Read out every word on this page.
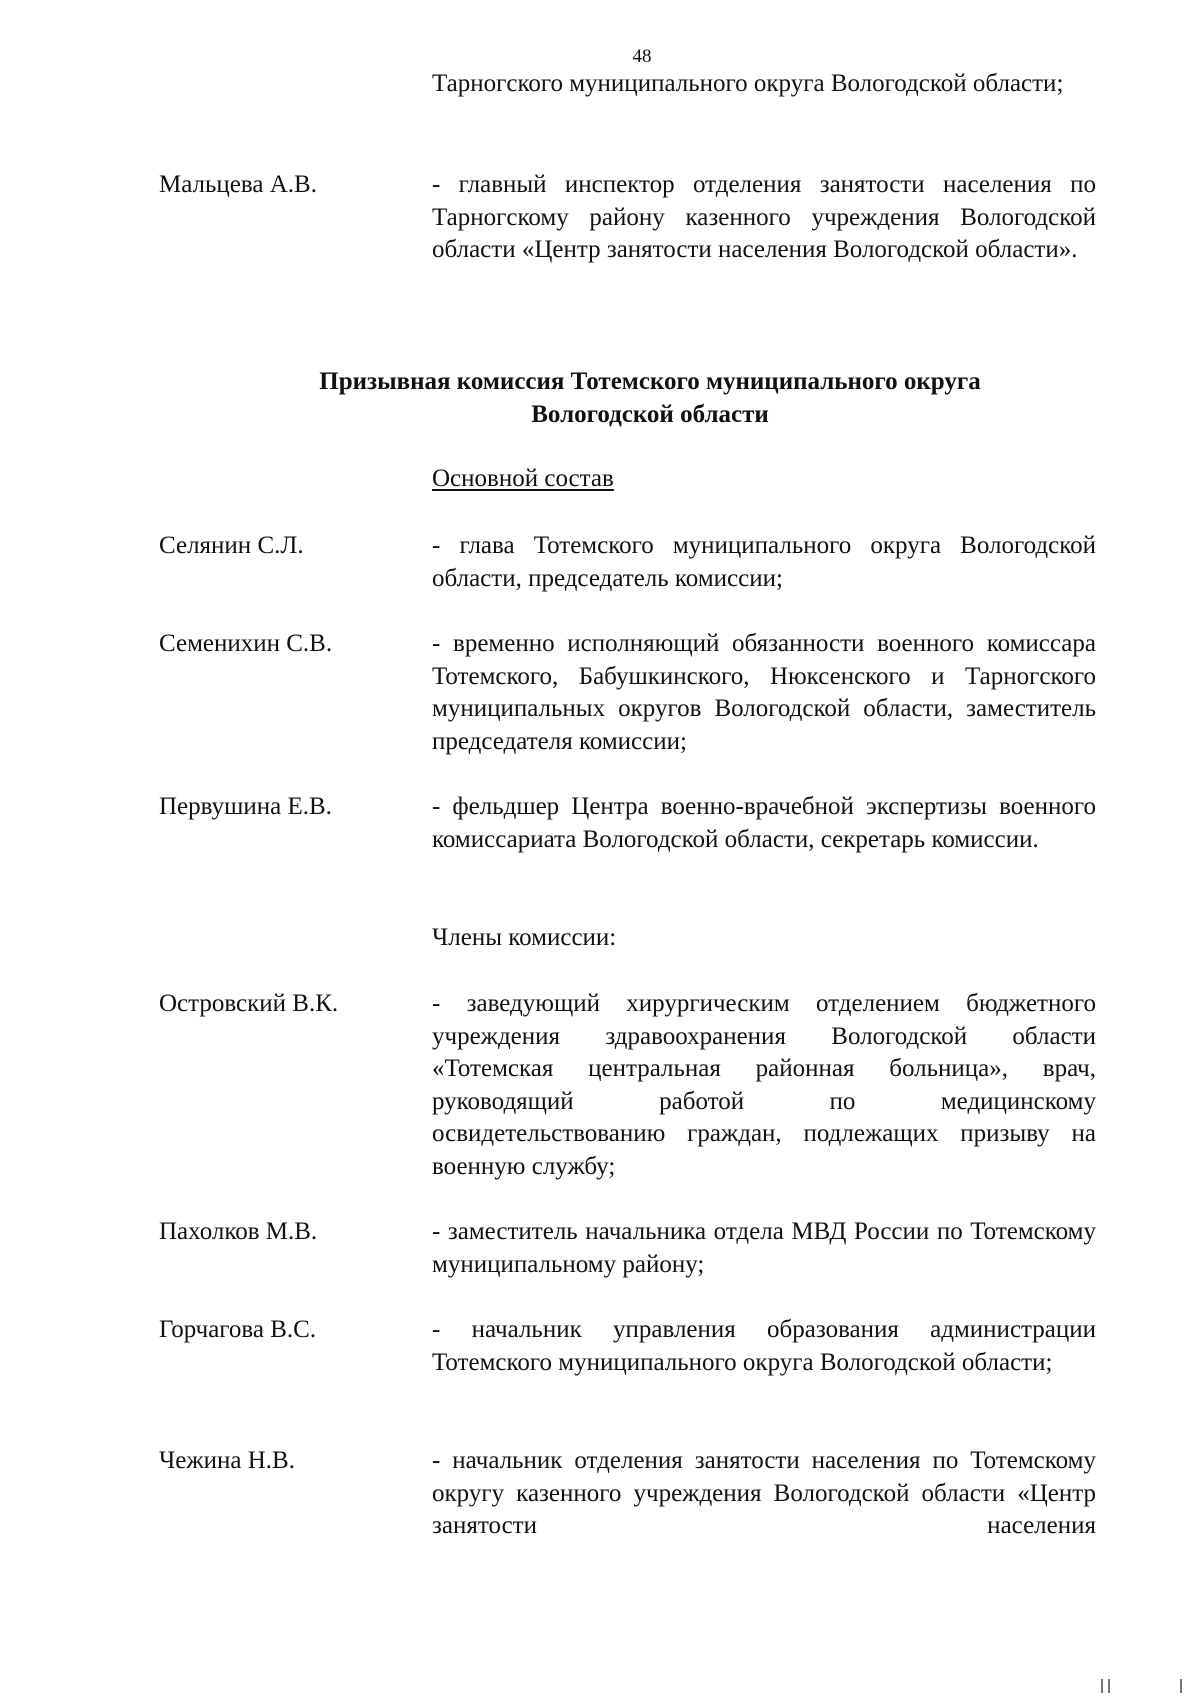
48
Тарногского муниципального округа Вологодской области;
Мальцева А.В.	- главный инспектор отделения занятости населения по Тарногскому району казенного учреждения Вологодской области «Центр занятости населения Вологодской области».

Призывная комиссия Тотемского муниципального округа

Вологодской области

Основной состав
Селянин С.Л.	- глава Тотемского муниципального округа Вологодской области, председатель комиссии;
Семенихин С.В.	- временно исполняющий обязанности военного комиссара Тотемского, Бабушкинского, Нюксенского и Тарногского муниципальных округов Вологодской области, заместитель председателя комиссии;
Первушина Е.В.	- фельдшер Центра военно-врачебной экспертизы военного комиссариата Вологодской области, секретарь комиссии.
Члены комиссии:
Островский В.К.	- заведующий хирургическим отделением бюджетного учреждения здравоохранения Вологодской области «Тотемская центральная районная больница», врач, руководящий работой по медицинскому освидетельствованию граждан, подлежащих призыву на военную службу;
Пахолков М.В.	- заместитель начальника отдела МВД России по Тотемскому муниципальному району;
Горчагова В.С.	- начальник управления образования администрации Тотемского муниципального округа Вологодской области;
Чежина Н.В.	- начальник отделения занятости населения по Тотемскому округу казенного учреждения Вологодской области «Центр занятости населения
